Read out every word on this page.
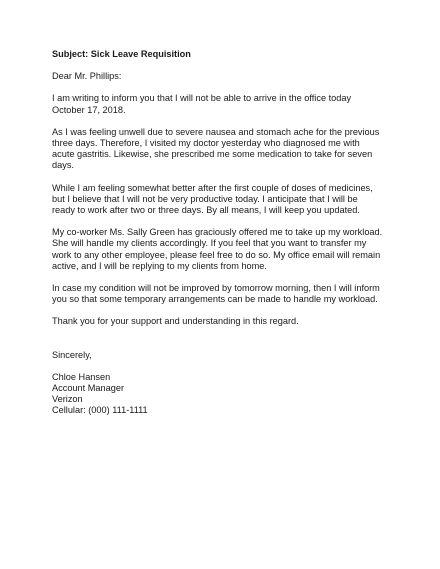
Subject: Sick Leave Requisition
Dear Mr. Phillips:
I am writing to inform you that I will not be able to arrive in the office today
October 17, 2018.
As I was feeling unwell due to severe nausea and stomach ache for the previous
three days. Therefore, I visited my doctor yesterday who diagnosed me with
acute gastritis. Likewise, she prescribed me some medication to take for seven
days.
While I am feeling somewhat better after the first couple of doses of medicines,
but I believe that I will not be very productive today. I anticipate that I will be
ready to work after two or three days. By all means, I will keep you updated.
My co-worker Ms. Sally Green has graciously offered me to take up my workload.
She will handle my clients accordingly. If you feel that you want to transfer my
work to any other employee, please feel free to do so. My office email will remain
active, and I will be replying to my clients from home.
In case my condition will not be improved by tomorrow morning, then I will inform
you so that some temporary arrangements can be made to handle my workload.
Thank you for your support and understanding in this regard.
Sincerely,
Chloe Hansen
Account Manager
Verizon
Cellular: (000) 111-1111
